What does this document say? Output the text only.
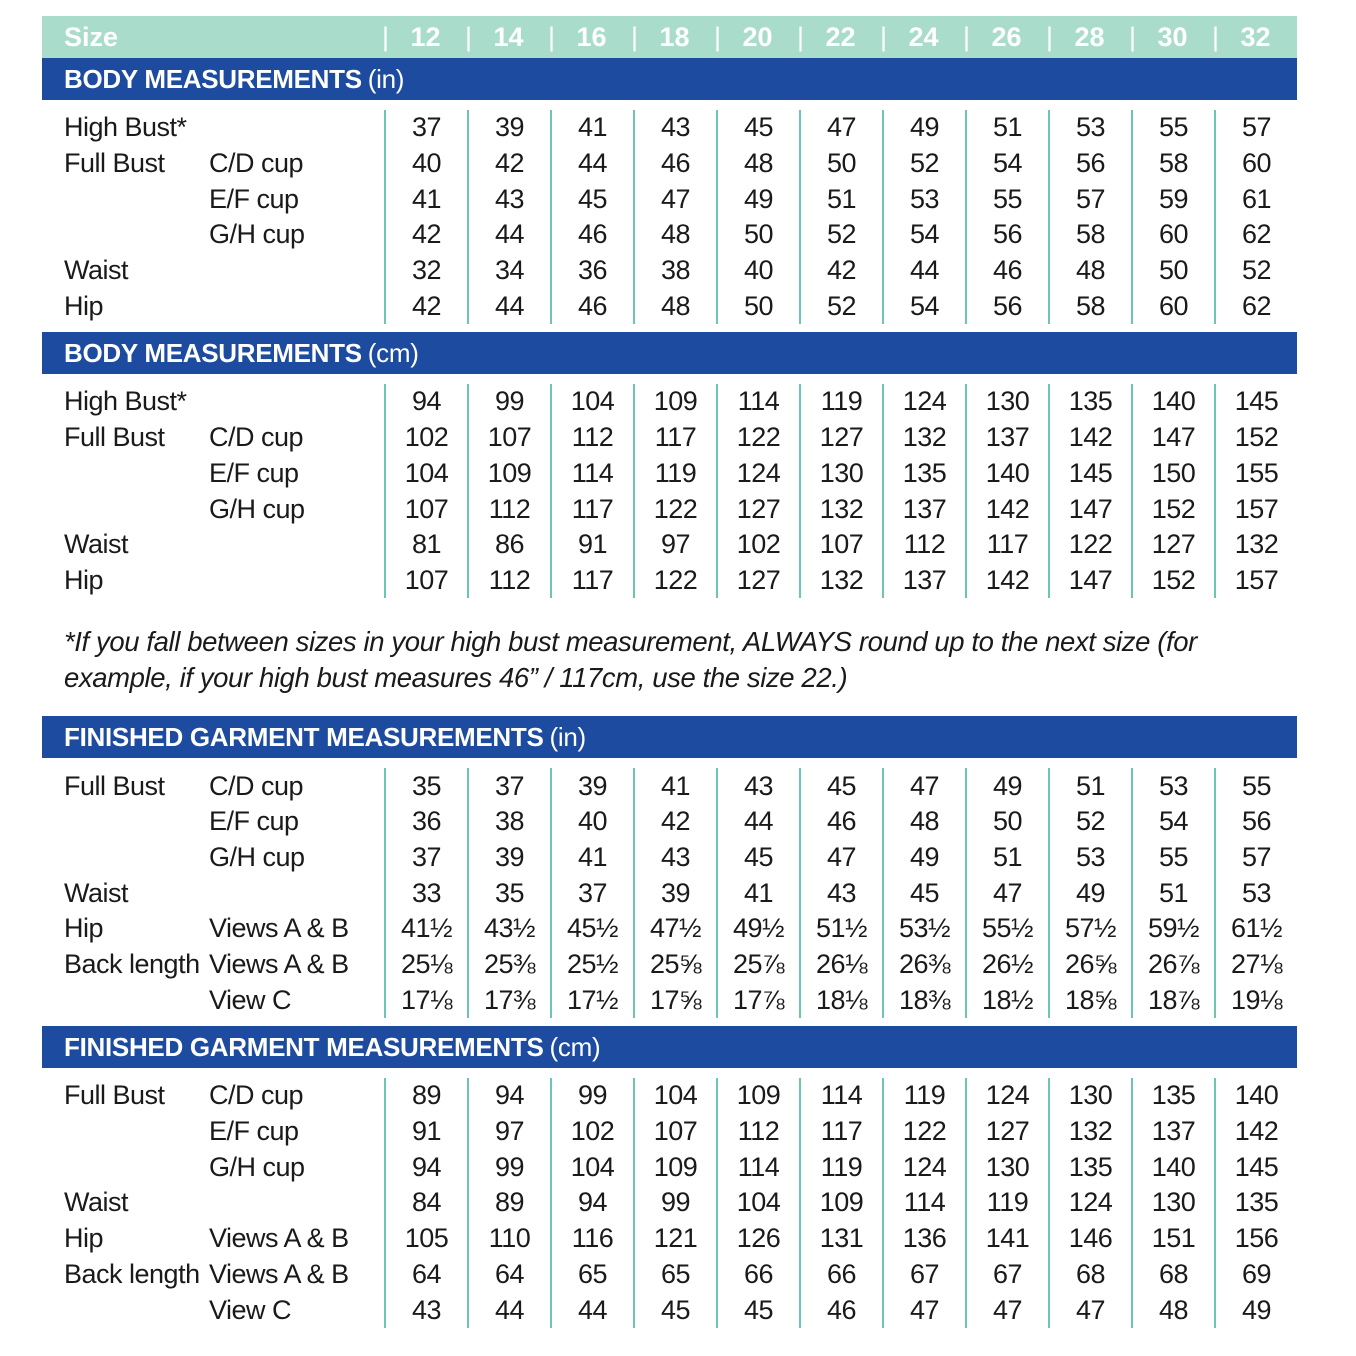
Size	| 12	| 14	| 16	| 18	| 20	| 22	| 24	| 26	| 28	| 30	| 32
BODY MEASUREMENTS (in)
High Bust*	37	39	41	43	45	47	49	51	53	55	57
Full Bust	C/D cup	40	42	44	46	48	50	52	54	56	58	60
E/F cup	41	43	45	47	49	51	53	55	57	59	61
G/H cup	42	44	46	48	50	52	54	56	58	60	62
Waist	32	34	36	38	40	42	44	46	48	50	52
Hip	42	44	46	48	50	52	54	56	58	60	62
BODY MEASUREMENTS (cm)
High Bust*	94	99	104	109	114	119	124	130	135	140	145
Full Bust	C/D cup	102	107	112	117	122	127	132	137	142	147	152
E/F cup	104	109	114	119	124	130	135	140	145	150	155
G/H cup	107	112	117	122	127	132	137	142	147	152	157
Waist	81	86	91	97	102	107	112	117	122	127	132
Hip	107	112	117	122	127	132	137	142	147	152	157
*If you fall between sizes in your high bust measurement, ALWAYS round up to the next size (for example, if your high bust measures 46” / 117cm, use the size 22.)
FINISHED GARMENT MEASUREMENTS (in)
Full Bust	C/D cup	35	37	39	41	43	45	47	49	51	53	55
E/F cup	36	38	40	42	44	46	48	50	52	54	56
G/H cup	37	39	41	43	45	47	49	51	53	55	57
Waist	33	35	37	39	41	43	45	47	49	51	53
Hip	Views A & B	41½	43½	45½	47½	49½	51½	53½	55½	57½	59½	61½
Back length Views A & B	25⅛	25⅜	25½	25⅝	25⅞	26⅛	26⅜	26½	26⅝	26⅞	27⅛
View C	17⅛	17⅜	17½	17⅝	17⅞	18⅛	18⅜	18½	18⅝	18⅞	19⅛
FINISHED GARMENT MEASUREMENTS (cm)
Full Bust	C/D cup	89	94	99	104	109	114	119	124	130	135	140
E/F cup	91	97	102	107	112	117	122	127	132	137	142
G/H cup	94	99	104	109	114	119	124	130	135	140	145
Waist	84	89	94	99	104	109	114	119	124	130	135
Hip	Views A & B	105	110	116	121	126	131	136	141	146	151	156
Back length Views A & B	64	64	65	65	66	66	67	67	68	68	69
View C	43	44	44	45	45	46	47	47	47	48	49
